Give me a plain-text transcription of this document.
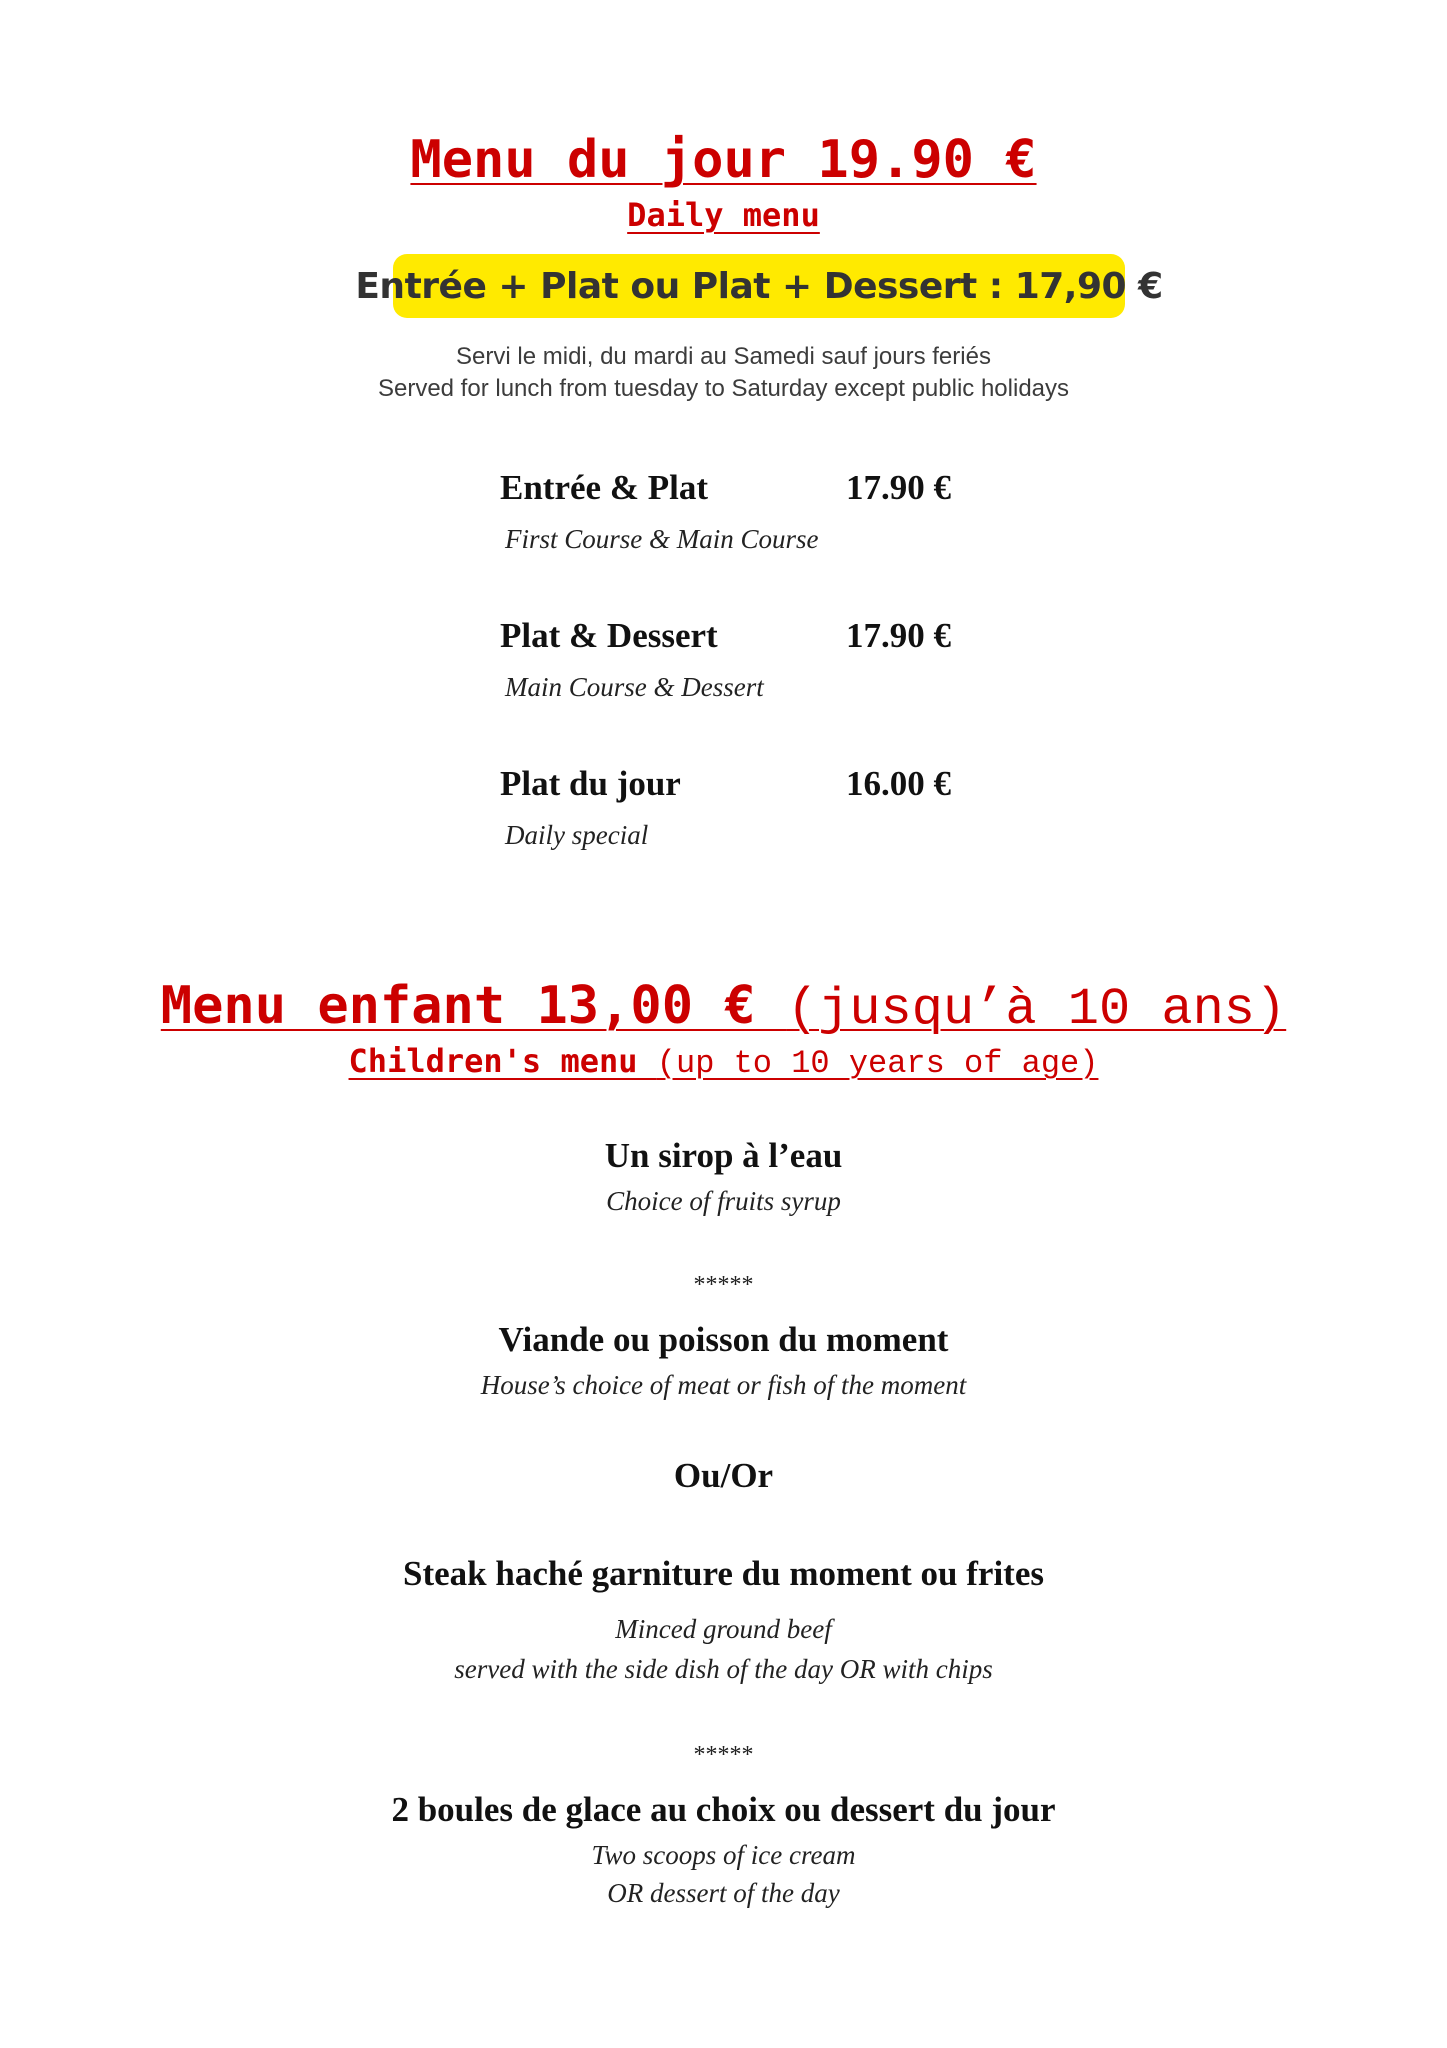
Menu du jour 19.90 €
Daily menu
Entrée + Plat ou Plat + Dessert : 17,90 €
Servi le midi, du mardi au Samedi sauf jours feriés
Served for lunch from tuesday to Saturday except public holidays
Entrée & Plat	17.90 €
First Course & Main Course
Plat & Dessert	17.90 €
Main Course & Dessert
Plat du jour	16.00 €
Daily special
Menu enfant 13,00 € (jusqu’à 10 ans)
Children's menu (up to 10 years of age)
Un sirop à l’eau
Choice of fruits syrup
*****
Viande ou poisson du moment
House’s choice of meat or fish of the moment
Ou/Or
Steak haché garniture du moment ou frites
Minced ground beef
served with the side dish of the day OR with chips
*****
2 boules de glace au choix ou dessert du jour
Two scoops of ice cream
OR dessert of the day
